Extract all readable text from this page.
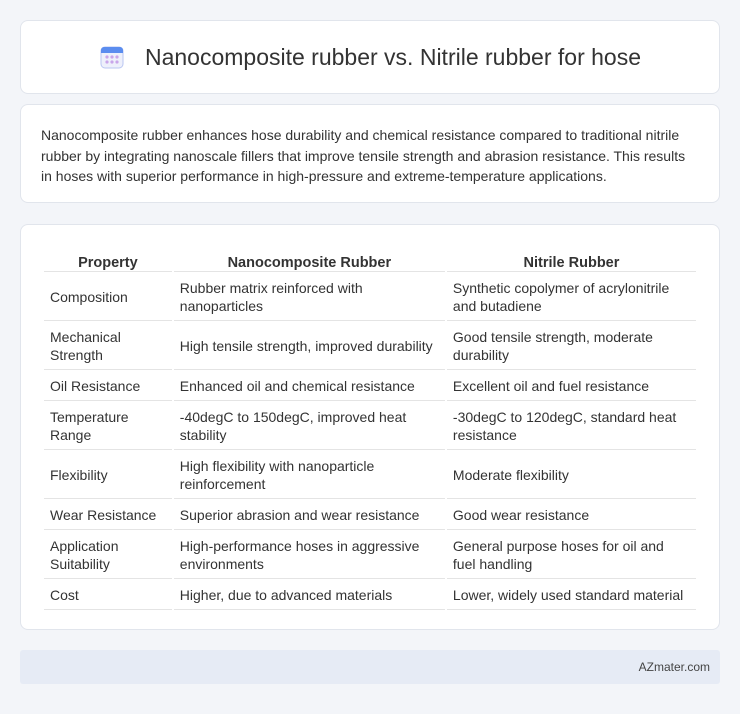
Nanocomposite rubber vs. Nitrile rubber for hose

Nanocomposite rubber enhances hose durability and chemical resistance compared to traditional nitrile rubber by integrating nanoscale fillers that improve tensile strength and abrasion resistance. This results in hoses with superior performance in high-pressure and extreme-temperature applications.

Property	Nanocomposite Rubber	Nitrile Rubber
Composition	Rubber matrix reinforced with nanoparticles	Synthetic copolymer of acrylonitrile and butadiene
Mechanical Strength	High tensile strength, improved durability	Good tensile strength, moderate durability
Oil Resistance	Enhanced oil and chemical resistance	Excellent oil and fuel resistance
Temperature Range	-40degC to 150degC, improved heat stability	-30degC to 120degC, standard heat resistance
Flexibility	High flexibility with nanoparticle reinforcement	Moderate flexibility
Wear Resistance	Superior abrasion and wear resistance	Good wear resistance
Application Suitability	High-performance hoses in aggressive environments	General purpose hoses for oil and fuel handling
Cost	Higher, due to advanced materials	Lower, widely used standard material
AZmater.com
